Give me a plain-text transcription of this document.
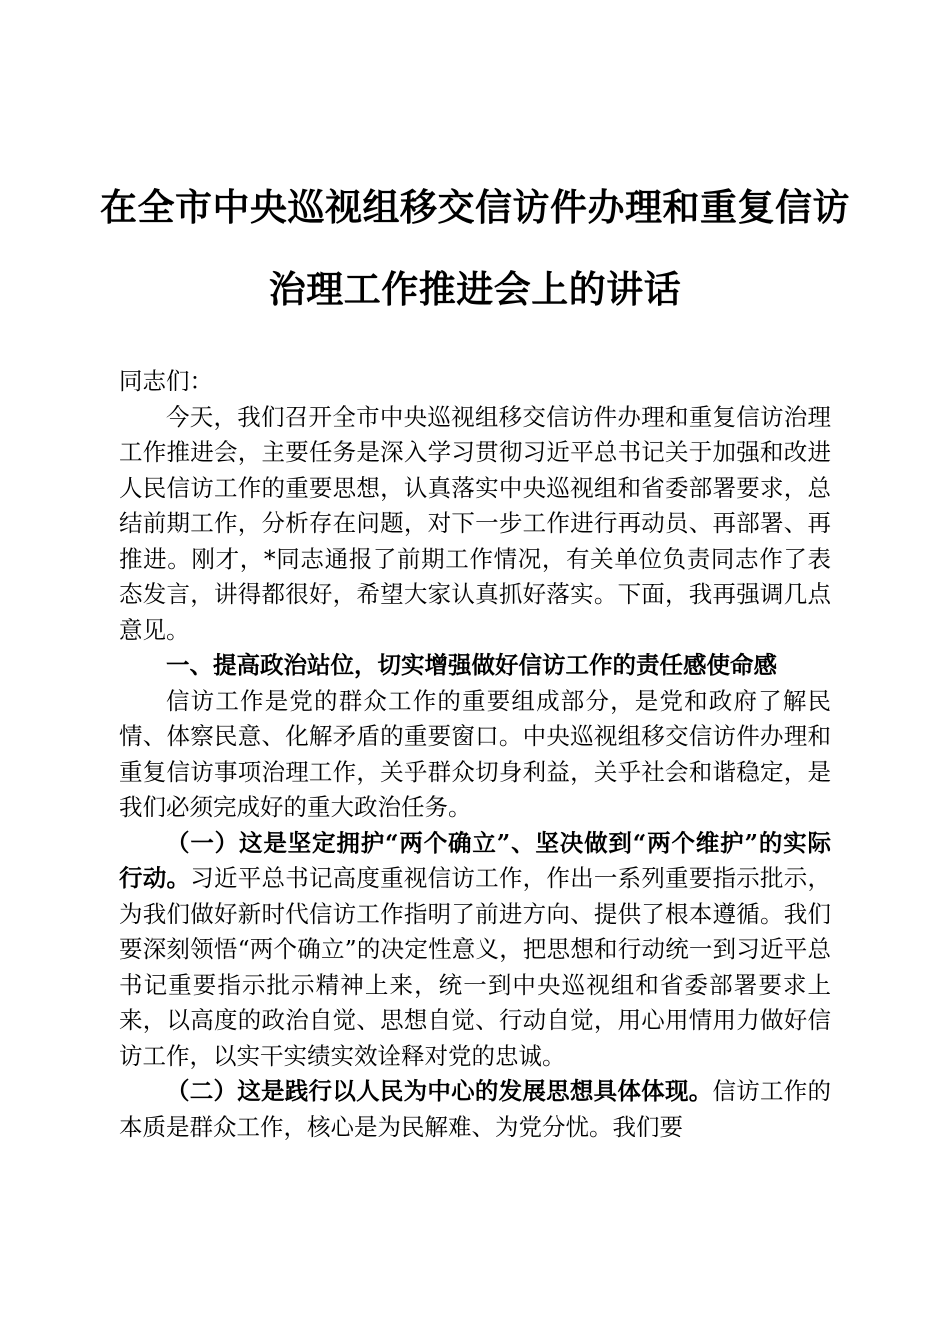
在全市中央巡视组移交信访件办理和重复信访
治理工作推进会上的讲话

同志们：

今天，我们召开全市中央巡视组移交信访件办理和重复信访治理工作推进会，主要任务是深入学习贯彻习近平总书记关于加强和改进人民信访工作的重要思想，认真落实中央巡视组和省委部署要求，总结前期工作，分析存在问题，对下一步工作进行再动员、再部署、再推进。刚才，*同志通报了前期工作情况，有关单位负责同志作了表态发言，讲得都很好，希望大家认真抓好落实。下面，我再强调几点意见。

一、提高政治站位，切实增强做好信访工作的责任感使命感

信访工作是党的群众工作的重要组成部分，是党和政府了解民情、体察民意、化解矛盾的重要窗口。中央巡视组移交信访件办理和重复信访事项治理工作，关乎群众切身利益，关乎社会和谐稳定，是我们必须完成好的重大政治任务。

（一）这是坚定拥护“两个确立”、坚决做到“两个维护”的实际行动。习近平总书记高度重视信访工作，作出一系列重要指示批示，为我们做好新时代信访工作指明了前进方向、提供了根本遵循。我们要深刻领悟“两个确立”的决定性意义，把思想和行动统一到习近平总书记重要指示批示精神上来，统一到中央巡视组和省委部署要求上来，以高度的政治自觉、思想自觉、行动自觉，用心用情用力做好信访工作，以实干实绩实效诠释对党的忠诚。

（二）这是践行以人民为中心的发展思想具体体现。信访工作的本质是群众工作，核心是为民解难、为党分忧。我们要
